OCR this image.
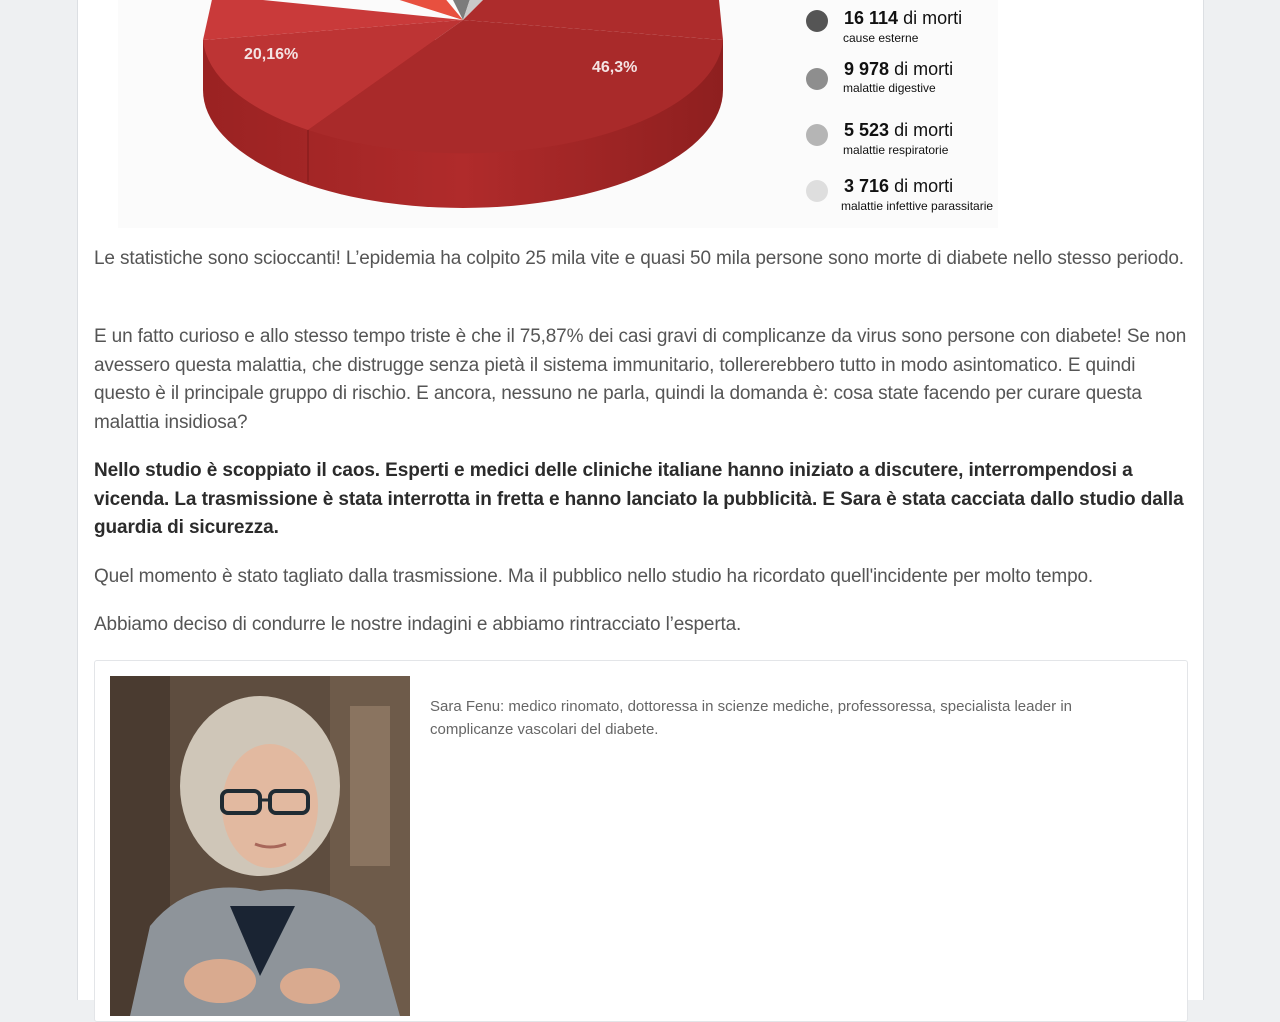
20,16%
46,3%
16 114 di morti
cause esterne
9 978 di morti
malattie digestive
5 523 di morti
malattie respiratorie
3 716 di morti
malattie infettive parassitarie

Le statistiche sono scioccanti! L’epidemia ha colpito 25 mila vite e quasi 50 mila persone sono morte di diabete nello stesso periodo.

E un fatto curioso e allo stesso tempo triste è che il 75,87% dei casi gravi di complicanze da virus sono persone con diabete! Se non avessero questa malattia, che distrugge senza pietà il sistema immunitario, tollererebbero tutto in modo asintomatico. E quindi questo è il principale gruppo di rischio. E ancora, nessuno ne parla, quindi la domanda è: cosa state facendo per curare questa malattia insidiosa?

Nello studio è scoppiato il caos. Esperti e medici delle cliniche italiane hanno iniziato a discutere, interrompendosi a vicenda. La trasmissione è stata interrotta in fretta e hanno lanciato la pubblicità. E Sara è stata cacciata dallo studio dalla guardia di sicurezza.

Quel momento è stato tagliato dalla trasmissione. Ma il pubblico nello studio ha ricordato quell'incidente per molto tempo.

Abbiamo deciso di condurre le nostre indagini e abbiamo rintracciato l’esperta.

Sara Fenu: medico rinomato, dottoressa in scienze mediche, professoressa, specialista leader in complicanze vascolari del diabete.
